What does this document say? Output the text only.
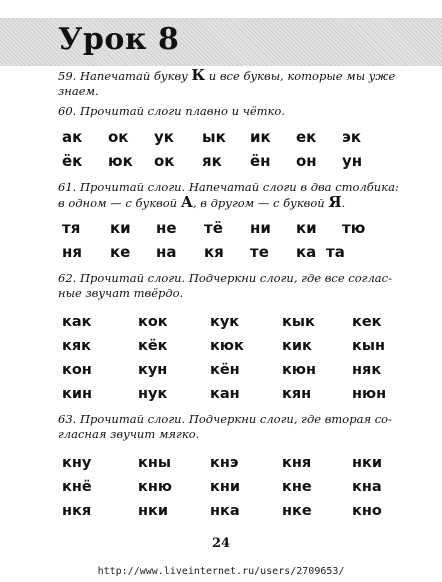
Урок 8
59. Напечатай букву К и все буквы, которые мы уже
знаем.
60. Прочитай слоги плавно и чётко.
ак ок ук ык ик ек эк
ёк юк ок як ён он ун
61. Прочитай слоги. Напечатай слоги в два столбика: в одном — с буквой А, в другом — с буквой Я.
тя ки не тё ни ки тю
ня ке на кя те ка та
62. Прочитай слоги. Подчеркни слоги, где все соглас-
ные звучат твёрдо.
как	кок	кук	кык	кек
кяк	кёк	кюк	кик	кын
кон	кун	кён	кюн няк
кин	нук	кан	кян	нюн
63. Прочитай слоги. Подчеркни слоги, где вторая со-
гласная звучит мягко.
кну	кны	кнэ	кня	нки
кнё	кню	кни	кне	кна
нкя	нки	нка	нке	кно
24
http://www.liveinternet.ru/users/2709653/
